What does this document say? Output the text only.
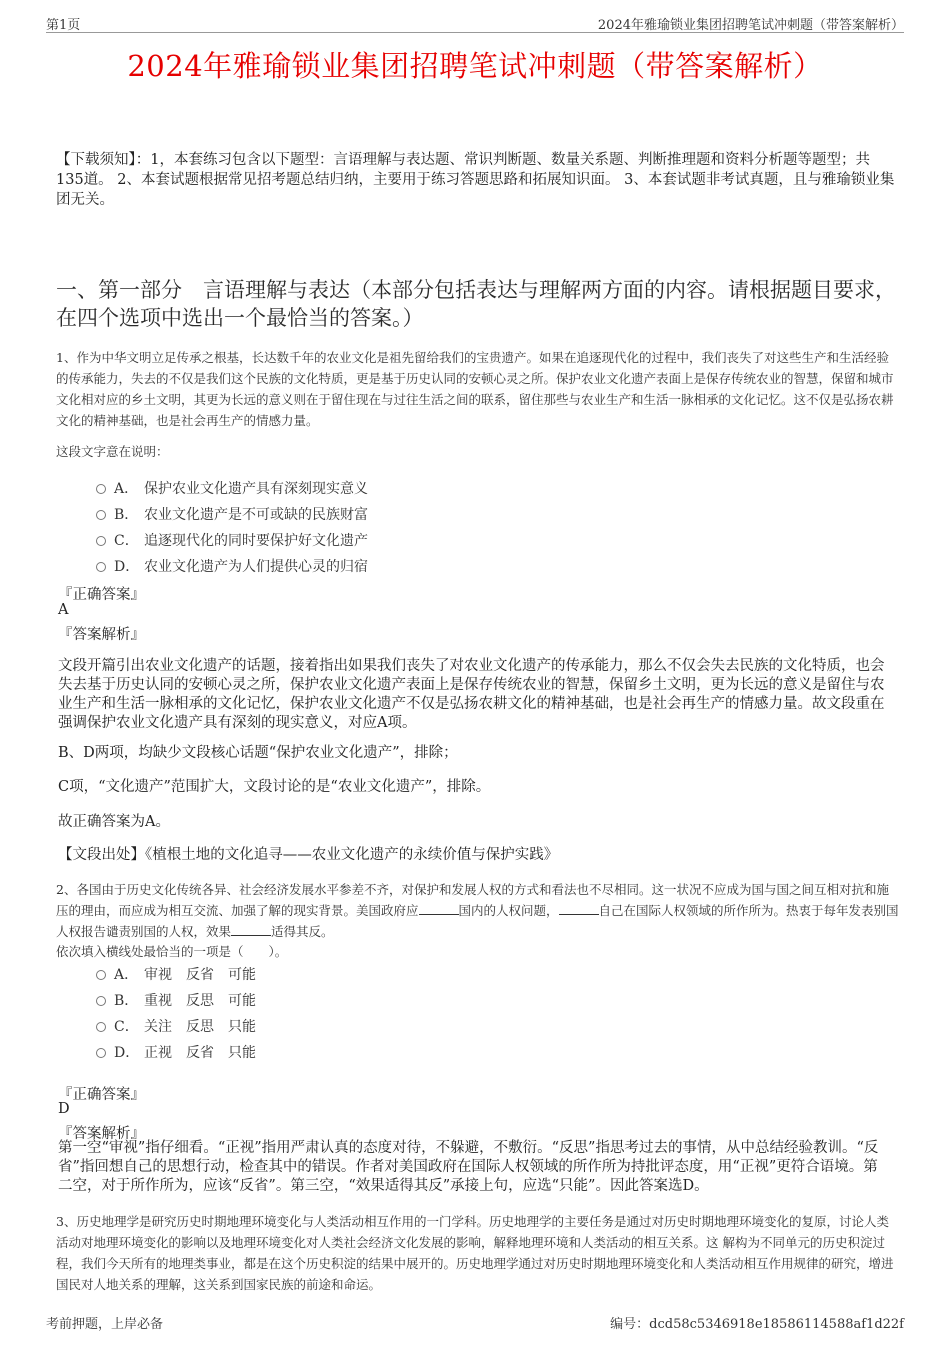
第1页	2024年雅瑜锁业集团招聘笔试冲刺题（带答案解析）
2024年雅瑜锁业集团招聘笔试冲刺题（带答案解析）
【下载须知】：1，本套练习包含以下题型：言语理解与表达题、常识判断题、数量关系题、判断推理题和资料分析题等题型；共135道。 2、本套试题根据常见招考题总结归纳，主要用于练习答题思路和拓展知识面。 3、本套试题非考试真题，且与雅瑜锁业集团无关。
一、第一部分　言语理解与表达（本部分包括表达与理解两方面的内容。请根据题目要求，在四个选项中选出一个最恰当的答案。）
1、作为中华文明立足传承之根基，长达数千年的农业文化是祖先留给我们的宝贵遗产。如果在追逐现代化的过程中，我们丧失了对这些生产和生活经验的传承能力，失去的不仅是我们这个民族的文化特质，更是基于历史认同的安顿心灵之所。保护农业文化遗产表面上是保存传统农业的智慧，保留和城市文化相对应的乡土文明，其更为长远的意义则在于留住现在与过往生活之间的联系，留住那些与农业生产和生活一脉相承的文化记忆。这不仅是弘扬农耕文化的精神基础，也是社会再生产的情感力量。
这段文字意在说明：
A． 保护农业文化遗产具有深刻现实意义
B． 农业文化遗产是不可或缺的民族财富
C． 追逐现代化的同时要保护好文化遗产
D． 农业文化遗产为人们提供心灵的归宿
『正确答案』
A
『答案解析』
文段开篇引出农业文化遗产的话题，接着指出如果我们丧失了对农业文化遗产的传承能力，那么不仅会失去民族的文化特质，也会失去基于历史认同的安顿心灵之所，保护农业文化遗产表面上是保存传统农业的智慧，保留乡土文明，更为长远的意义是留住与农业生产和生活一脉相承的文化记忆，保护农业文化遗产不仅是弘扬农耕文化的精神基础，也是社会再生产的情感力量。故文段重在强调保护农业文化遗产具有深刻的现实意义，对应A项。
B、D两项，均缺少文段核心话题“保护农业文化遗产”，排除；
C项，“文化遗产”范围扩大，文段讨论的是“农业文化遗产”，排除。
故正确答案为A。
【文段出处】《植根土地的文化追寻——农业文化遗产的永续价值与保护实践》
2、各国由于历史文化传统各异、社会经济发展水平参差不齐，对保护和发展人权的方式和看法也不尽相同。这一状况不应成为国与国之间互相对抗和施压的理由，而应成为相互交流、加强了解的现实背景。美国政府应	国内的人权问题，	自己在国际人权领域的所作所为。热衷于每年发表别国人权报告谴责别国的人权，效果	适得其反。
依次填入横线处最恰当的一项是（　　）。
A． 审视 反省 可能
B． 重视 反思 可能
C． 关注 反思 只能
D． 正视 反省 只能
『正确答案』
D
『答案解析』
第一空“审视”指仔细看。“正视”指用严肃认真的态度对待，不躲避，不敷衍。“反思”指思考过去的事情，从中总结经验教训。“反省”指回想自己的思想行动，检查其中的错误。作者对美国政府在国际人权领域的所作所为持批评态度，用“正视”更符合语境。第二空，对于所作所为，应该“反省”。第三空，“效果适得其反”承接上句，应选“只能”。因此答案选D。
3、历史地理学是研究历史时期地理环境变化与人类活动相互作用的一门学科。历史地理学的主要任务是通过对历史时期地理环境变化的复原，讨论人类活动对地理环境变化的影响以及地理环境变化对人类社会经济文化发展的影响，解释地理环境和人类活动的相互关系。这 解构为不同单元的历史积淀过程，我们今天所有的地理类事业，都是在这个历史积淀的结果中展开的。历史地理学通过对历史时期地理环境变化和人类活动相互作用规律的研究，增进国民对人地关系的理解，这关系到国家民族的前途和命运。
考前押题，上岸必备	编号：dcd58c5346918e18586114588af1d22f
